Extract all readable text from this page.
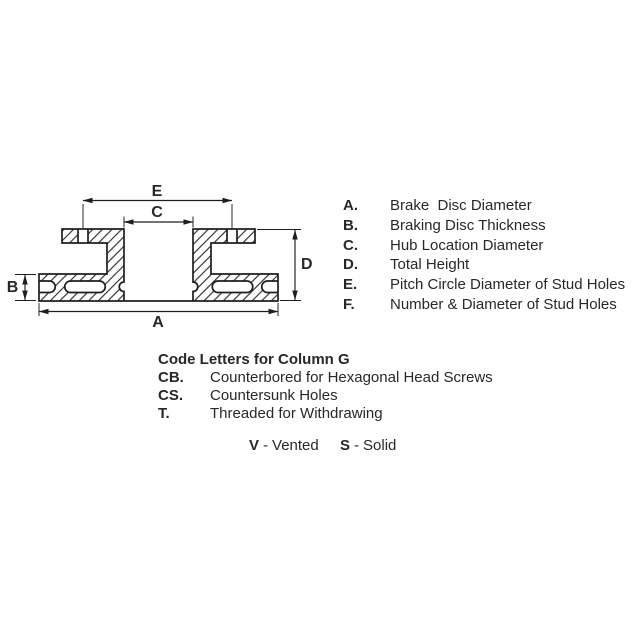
E
C
D
B
A
A.	Brake  Disc Diameter
B.	Braking Disc Thickness
C.	Hub Location Diameter
D.	Total Height
E.	Pitch Circle Diameter of Stud Holes
F.	Number & Diameter of Stud Holes
Code Letters for Column G
CB.	Counterbored for Hexagonal Head Screws
CS.	Countersunk Holes
T.	Threaded for Withdrawing
V - Vented S - Solid
